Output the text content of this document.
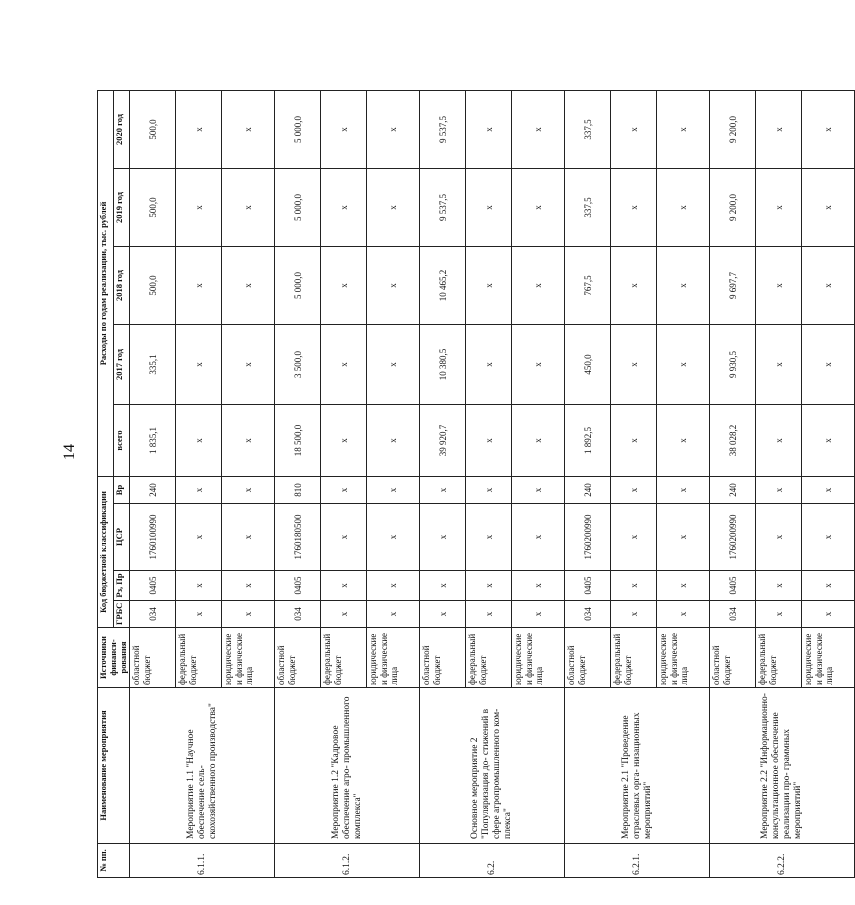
14
№ пп.	Наименование мероприятия	Источники финанси- рования	Код бюджетной классификации				Расходы по годам реализации, тыс. рублей				
			ГРБС	Рз, Пр	ЦСР	Вр	всего	2017 год	2018 год	2019 год	2020 год
6.1.1.	Мероприятие 1.1 "Научное обеспечение сель- скохозяйственного производства"	областной бюджет	034	0405	1760100990	240	1 835,1	335,1	500,0	500,0	500,0
		федеральный бюджет	х	х	х	х	х	х	х	х	х
		юридические и физические лица	х	х	х	х	х	х	х	х	х
6.1.2.	Мероприятие 1.2 "Кадровое обеспечение агро- промышленного комплекса"	областной бюджет	034	0405	1760180500	810	18 500,0	3 500,0	5 000,0	5 000,0	5 000,0
		федеральный бюджет	х	х	х	х	х	х	х	х	х
		юридические и физические лица	х	х	х	х	х	х	х	х	х
6.2.	Основное мероприятие 2 "Популяризация до- стижений в сфере агропромышленного ком- плекса"	областной бюджет	х	х	х	х	39 920,7	10 380,5	10 465,2	9 537,5	9 537,5
		федеральный бюджет	х	х	х	х	х	х	х	х	х
		юридические и физические лица	х	х	х	х	х	х	х	х	х
6.2.1.	Мероприятие 2.1 "Проведение отраслевых орга- низационных мероприятий"	областной бюджет	034	0405	1760200990	240	1 892,5	450,0	767,5	337,5	337,5
		федеральный бюджет	х	х	х	х	х	х	х	х	х
		юридические и физические лица	х	х	х	х	х	х	х	х	х
6.2.2.	Мероприятие 2.2 "Информационно- консультационное обеспечение реализации про- граммных мероприятий"	областной бюджет	034	0405	1760200990	240	38 028,2	9 930,5	9 697,7	9 200,0	9 200,0
		федеральный бюджет	х	х	х	х	х	х	х	х	х
		юридические и физические лица	х	х	х	х	х	х	х	х	х
